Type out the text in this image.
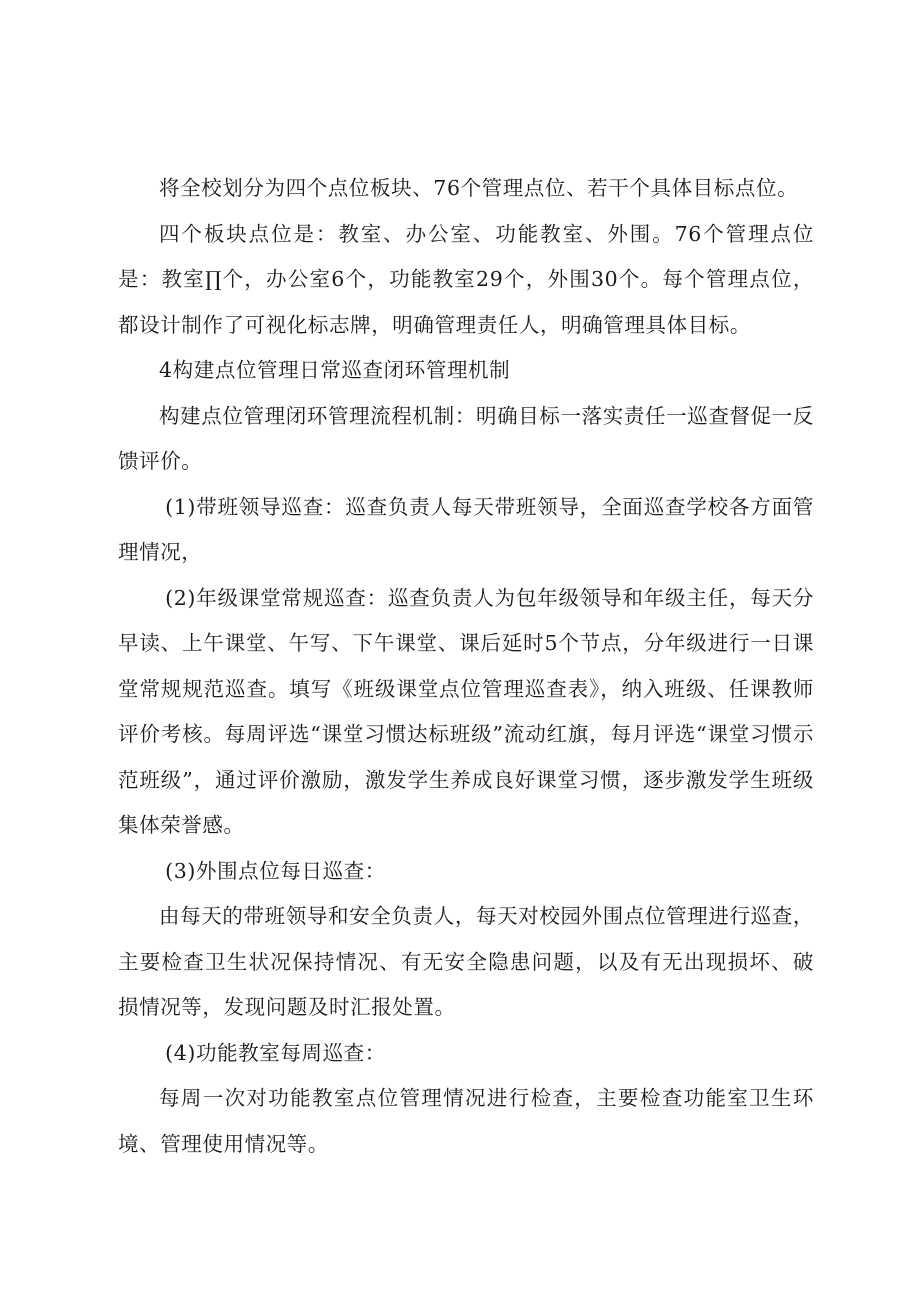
将全校划分为四个点位板块、76个管理点位、若干个具体目标点位。

四个板块点位是：教室、办公室、功能教室、外围。76个管理点位是：教室∏个，办公室6个，功能教室29个，外围30个。每个管理点位，都设计制作了可视化标志牌，明确管理责任人，明确管理具体目标。

4构建点位管理日常巡查闭环管理机制

构建点位管理闭环管理流程机制：明确目标一落实责任一巡查督促一反馈评价。

(1)带班领导巡查：巡查负责人每天带班领导，全面巡查学校各方面管理情况，

(2)年级课堂常规巡查：巡查负责人为包年级领导和年级主任，每天分早读、上午课堂、午写、下午课堂、课后延时5个节点，分年级进行一日课堂常规规范巡查。填写《班级课堂点位管理巡查表》，纳入班级、任课教师评价考核。每周评选“课堂习惯达标班级”流动红旗，每月评选“课堂习惯示范班级”，通过评价激励，激发学生养成良好课堂习惯，逐步激发学生班级集体荣誉感。

(3)外围点位每日巡查：

由每天的带班领导和安全负责人，每天对校园外围点位管理进行巡查，主要检查卫生状况保持情况、有无安全隐患问题，以及有无出现损坏、破损情况等，发现问题及时汇报处置。

(4)功能教室每周巡查：

每周一次对功能教室点位管理情况进行检查，主要检查功能室卫生环境、管理使用情况等。
